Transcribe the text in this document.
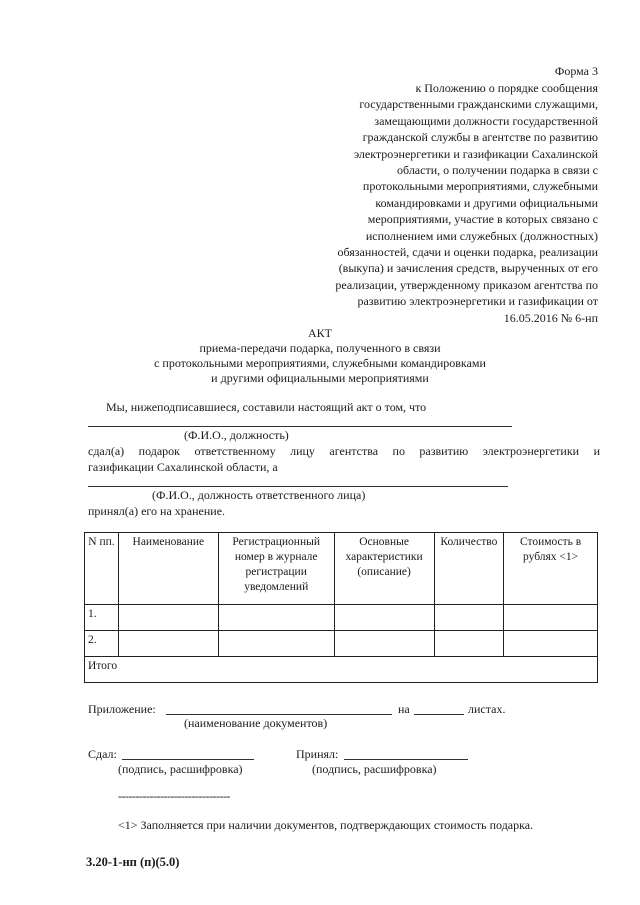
Форма 3
к Положению о порядке сообщения
государственными гражданскими служащими,
замещающими должности государственной
гражданской службы в агентстве по развитию
электроэнергетики и газификации Сахалинской
области, о получении подарка в связи с
протокольными мероприятиями, служебными
командировками и другими официальными
мероприятиями, участие в которых связано с
исполнением ими служебных (должностных)
обязанностей, сдачи и оценки подарка, реализации
(выкупа) и зачисления средств, вырученных от его
реализации, утвержденному приказом агентства по
развитию электроэнергетики и газификации от
16.05.2016 № 6-нп
АКТ
приема-передачи подарка, полученного в связи
с протокольными мероприятиями, служебными командировками
и другими официальными мероприятиями
Мы, нижеподписавшиеся, составили настоящий акт о том, что
(Ф.И.О., должность)
сдал(а) подарок ответственному лицу агентства по развитию электроэнергетики и
газификации Сахалинской области, а
(Ф.И.О., должность ответственного лица)
принял(а) его на хранение.
N пп.	Наименование	Регистрационный номер в журнале регистрации уведомлений	Основные характеристики (описание)	Количество	Стоимость в рублях <1>
1.					
2.					
Итого					
Приложение:	на	листах.
(наименование документов)
Сдал:
(подпись, расшифровка)
Принял:
(подпись, расшифровка)
--------------------------------
<1> Заполняется при наличии документов, подтверждающих стоимость подарка.
3.20-1-нп (п)(5.0)
